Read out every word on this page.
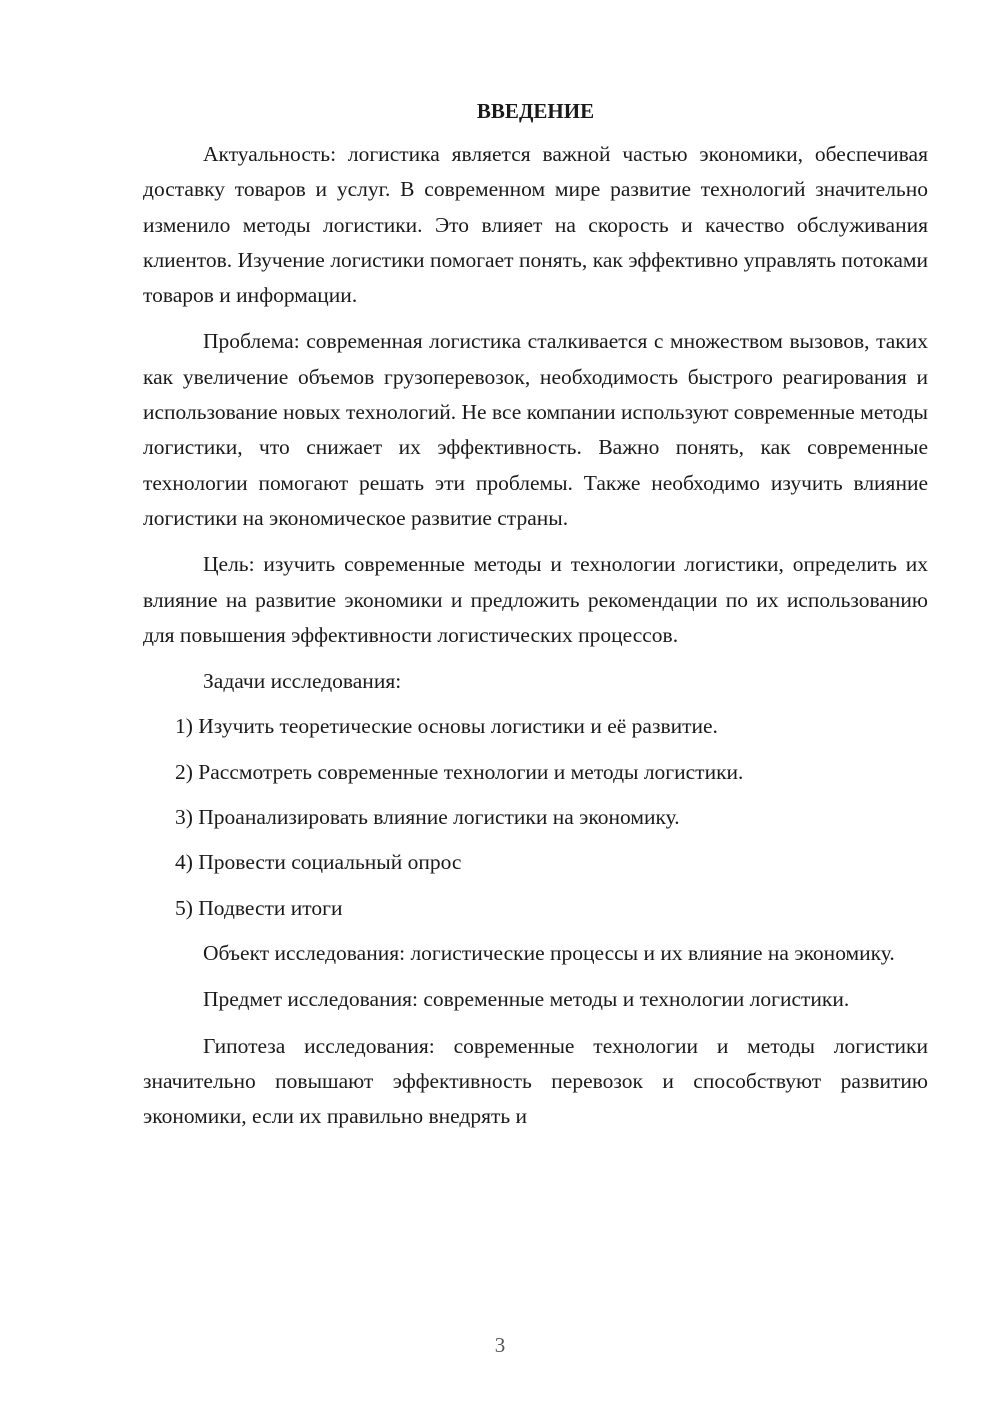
ВВЕДЕНИЕ

Актуальность: логистика является важной частью экономики, обеспечивая доставку товаров и услуг. В современном мире развитие технологий значительно изменило методы логистики. Это влияет на скорость и качество обслуживания клиентов. Изучение логистики помогает понять, как эффективно управлять потоками товаров и информации.

Проблема: современная логистика сталкивается с множеством вызовов, таких как увеличение объемов грузоперевозок, необходимость быстрого реагирования и использование новых технологий. Не все компании используют современные методы логистики, что снижает их эффективность. Важно понять, как современные технологии помогают решать эти проблемы. Также необходимо изучить влияние логистики на экономическое развитие страны.

Цель: изучить современные методы и технологии логистики, определить их влияние на развитие экономики и предложить рекомендации по их использованию для повышения эффективности логистических процессов.

Задачи исследования:

1) Изучить теоретические основы логистики и её развитие.

2) Рассмотреть современные технологии и методы логистики.

3) Проанализировать влияние логистики на экономику.

4) Провести социальный опрос

5) Подвести итоги

Объект исследования: логистические процессы и их влияние на экономику.

Предмет исследования: современные методы и технологии логистики.

Гипотеза исследования: современные технологии и методы логистики значительно повышают эффективность перевозок и способствуют развитию экономики, если их правильно внедрять и

3
